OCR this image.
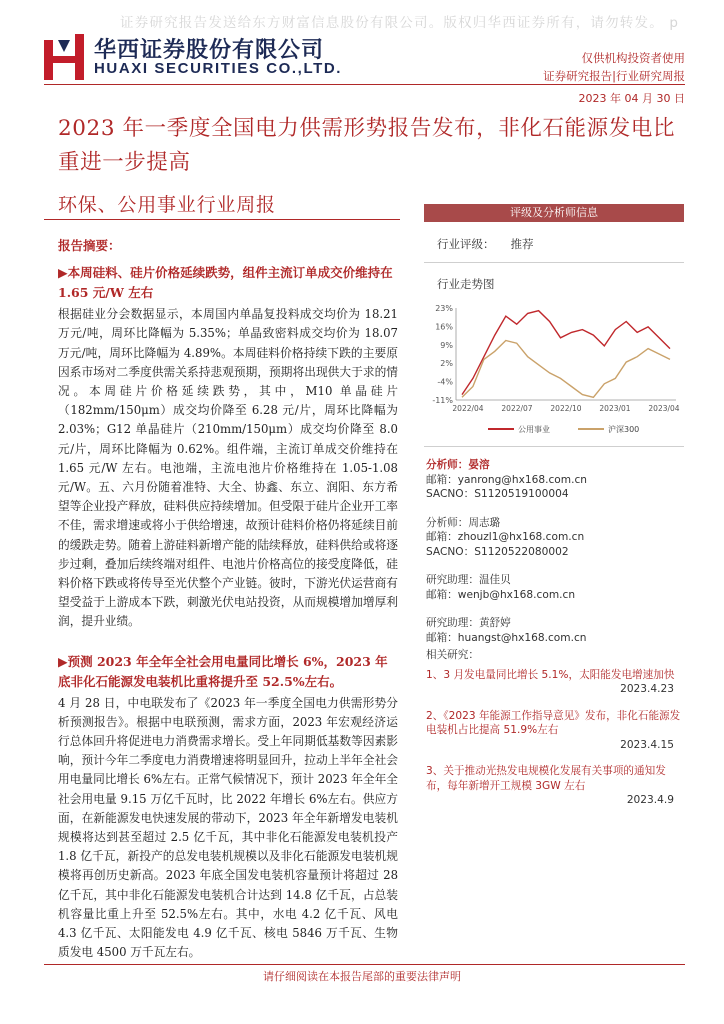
证券研究报告发送给东方财富信息股份有限公司。版权归华西证券所有，请勿转发。 p
华西证券股份有限公司
HUAXI SECURITIES CO.,LTD.
仅供机构投资者使用
证券研究报告|行业研究周报
2023 年 04 月 30 日
2023 年一季度全国电力供需形势报告发布，非化石能源发电比重进一步提高
环保、公用事业行业周报
报告摘要：
▶本周硅料、硅片价格延续跌势，组件主流订单成交价维持在 1.65 元/W 左右
根据硅业分会数据显示，本周国内单晶复投料成交均价为 18.21 万元/吨，周环比降幅为 5.35%；单晶致密料成交均价为 18.07 万元/吨，周环比降幅为 4.89%。本周硅料价格持续下跌的主要原因系市场对二季度供需关系持悲观预期，预期将出现供大于求的情况。本周硅片价格延续跌势，其中，M10 单晶硅片（182mm/150μm）成交均价降至 6.28 元/片，周环比降幅为 2.03%；G12 单晶硅片（210mm/150μm）成交均价降至 8.0 元/片，周环比降幅为 0.62%。组件端，主流订单成交价维持在 1.65 元/W 左右。电池端，主流电池片价格维持在 1.05-1.08 元/W。五、六月份随着准特、大全、协鑫、东立、润阳、东方希望等企业投产释放，硅料供应持续增加。但受限于硅片企业开工率不佳，需求增速或将小于供给增速，故预计硅料价格仍将延续目前的缓跌走势。随着上游硅料新增产能的陆续释放，硅料供给或将逐步过剩，叠加后续终端对组件、电池片价格高位的接受度降低，硅料价格下跌或将传导至光伏整个产业链。彼时，下游光伏运营商有望受益于上游成本下跌，刺激光伏电站投资，从而规模增加增厚利润，提升业绩。
▶预测 2023 年全年全社会用电量同比增长 6%，2023 年底非化石能源发电装机比重将提升至 52.5%左右。
4 月 28 日，中电联发布了《2023 年一季度全国电力供需形势分析预测报告》。根据中电联预测，需求方面，2023 年宏观经济运行总体回升将促进电力消费需求增长。受上年同期低基数等因素影响，预计今年二季度电力消费增速将明显回升，拉动上半年全社会用电量同比增长 6%左右。正常气候情况下，预计 2023 年全年全社会用电量 9.15 万亿千瓦时，比 2022 年增长 6%左右。供应方面，在新能源发电快速发展的带动下，2023 年全年新增发电装机规模将达到甚至超过 2.5 亿千瓦，其中非化石能源发电装机投产 1.8 亿千瓦，新投产的总发电装机规模以及非化石能源发电装机规模将再创历史新高。2023 年底全国发电装机容量预计将超过 28 亿千瓦，其中非化石能源发电装机合计达到 14.8 亿千瓦，占总装机容量比重上升至 52.5%左右。其中，水电 4.2 亿千瓦、风电 4.3 亿千瓦、太阳能发电 4.9 亿千瓦、核电 5846 万千瓦、生物质发电 4500 万千瓦左右。
评级及分析师信息
行业评级： 推荐
行业走势图
-11%
-4%
2%
9%
16%
23%
2022/04 2022/07 2022/10 2023/01 2023/04
公用事业	沪深300
分析师：晏溶
邮箱：yanrong@hx168.com.cn
SACNO：S1120519100004
分析师：周志璐
邮箱：zhouzl1@hx168.com.cn
SACNO：S1120522080002
研究助理：温佳贝
邮箱：wenjb@hx168.com.cn
研究助理：黄舒婷
邮箱：huangst@hx168.com.cn
相关研究：
1、3 月发电量同比增长 5.1%，太阳能发电增速加快
2023.4.23
2、《2023 年能源工作指导意见》发布，非化石能源发电装机占比提高 51.9%左右
2023.4.15
3、关于推动光热发电规模化发展有关事项的通知发布，每年新增开工规模 3GW 左右
2023.4.9
请仔细阅读在本报告尾部的重要法律声明
